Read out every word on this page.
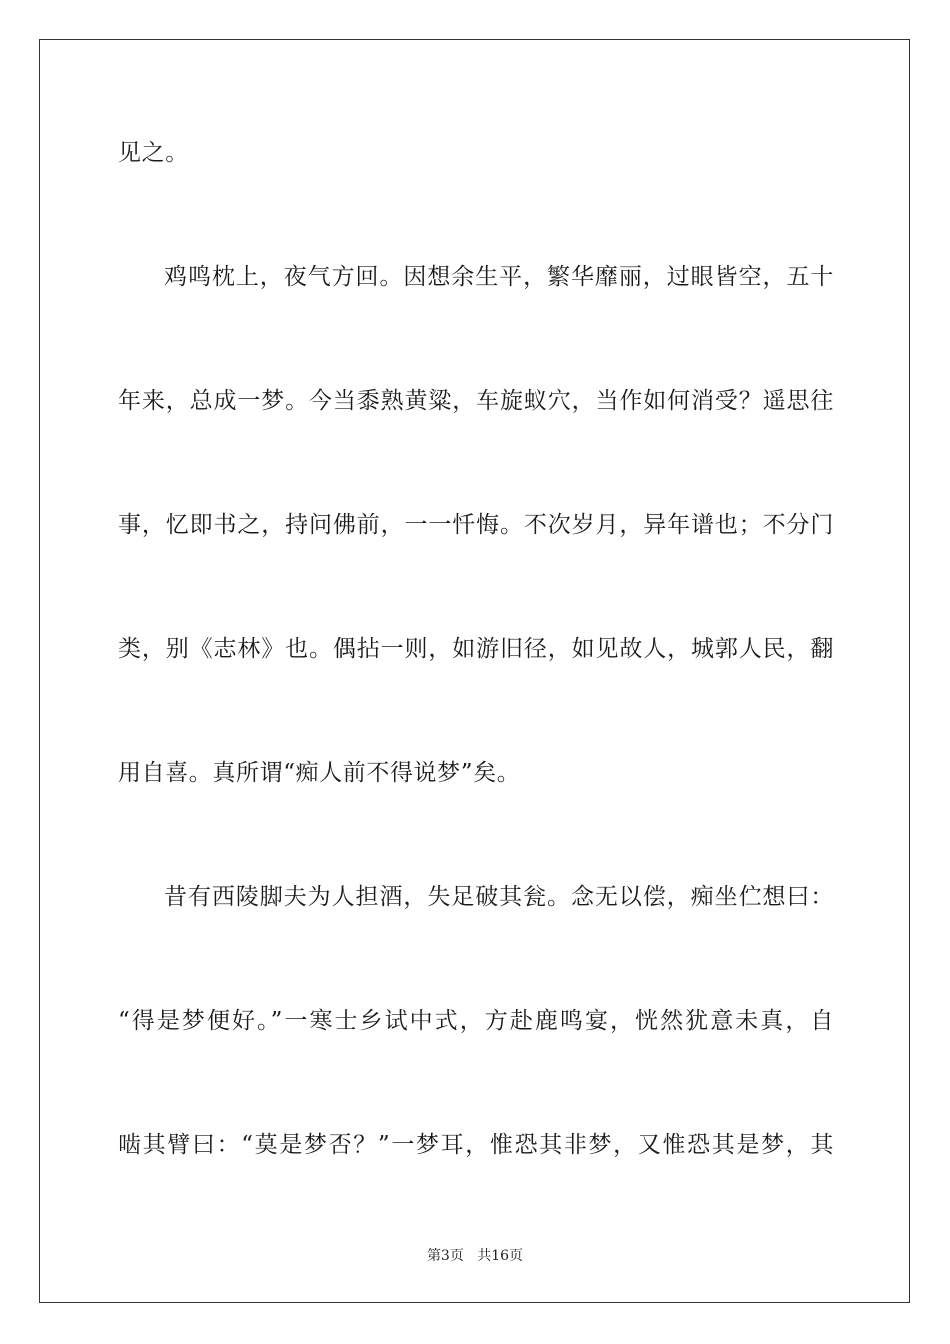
见之。
鸡鸣枕上，夜气方回。因想余生平，繁华靡丽，过眼皆空，五十
年来，总成一梦。今当黍熟黄粱，车旋蚁穴，当作如何消受？遥思往
事，忆即书之，持问佛前，一一忏悔。不次岁月，异年谱也；不分门
类，别《志林》也。偶拈一则，如游旧径，如见故人，城郭人民，翻
用自喜。真所谓“痴人前不得说梦”矣。
昔有西陵脚夫为人担酒，失足破其瓮。念无以偿，痴坐伫想曰：
“得是梦便好。”一寒士乡试中式，方赴鹿鸣宴，恍然犹意未真，自
啮其臂曰：“莫是梦否？”一梦耳，惟恐其非梦，又惟恐其是梦，其
第3页 共16页
